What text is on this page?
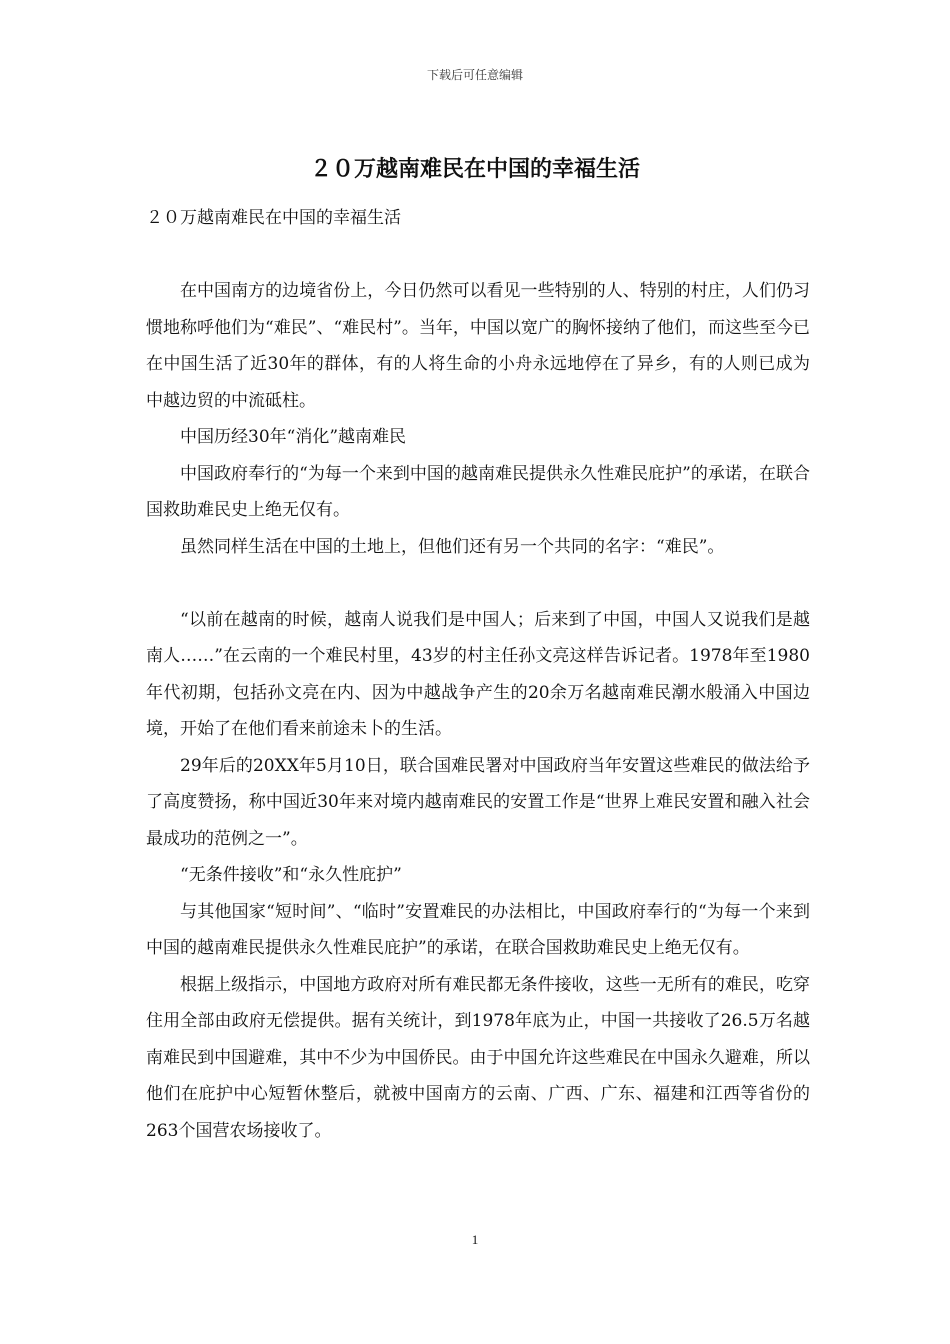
下载后可任意编辑
２０万越南难民在中国的幸福生活
２０万越南难民在中国的幸福生活

在中国南方的边境省份上，今日仍然可以看见一些特别的人、特别的村庄，人们仍习惯地称呼他们为“难民”、“难民村”。当年，中国以宽广的胸怀接纳了他们，而这些至今已在中国生活了近30年的群体，有的人将生命的小舟永远地停在了异乡，有的人则已成为中越边贸的中流砥柱。

中国历经30年“消化”越南难民

中国政府奉行的“为每一个来到中国的越南难民提供永久性难民庇护”的承诺，在联合国救助难民史上绝无仅有。

虽然同样生活在中国的土地上，但他们还有另一个共同的名字：“难民”。

“以前在越南的时候，越南人说我们是中国人；后来到了中国，中国人又说我们是越南人……”在云南的一个难民村里，43岁的村主任孙文亮这样告诉记者。1978年至1980年代初期，包括孙文亮在内、因为中越战争产生的20余万名越南难民潮水般涌入中国边境，开始了在他们看来前途未卜的生活。

29年后的20XX年5月10日，联合国难民署对中国政府当年安置这些难民的做法给予了高度赞扬，称中国近30年来对境内越南难民的安置工作是“世界上难民安置和融入社会最成功的范例之一”。

“无条件接收”和“永久性庇护”

与其他国家“短时间”、“临时”安置难民的办法相比，中国政府奉行的“为每一个来到中国的越南难民提供永久性难民庇护”的承诺，在联合国救助难民史上绝无仅有。

根据上级指示，中国地方政府对所有难民都无条件接收，这些一无所有的难民，吃穿住用全部由政府无偿提供。据有关统计，到1978年底为止，中国一共接收了26.5万名越南难民到中国避难，其中不少为中国侨民。由于中国允许这些难民在中国永久避难，所以他们在庇护中心短暂休整后，就被中国南方的云南、广西、广东、福建和江西等省份的263个国营农场接收了。

1
